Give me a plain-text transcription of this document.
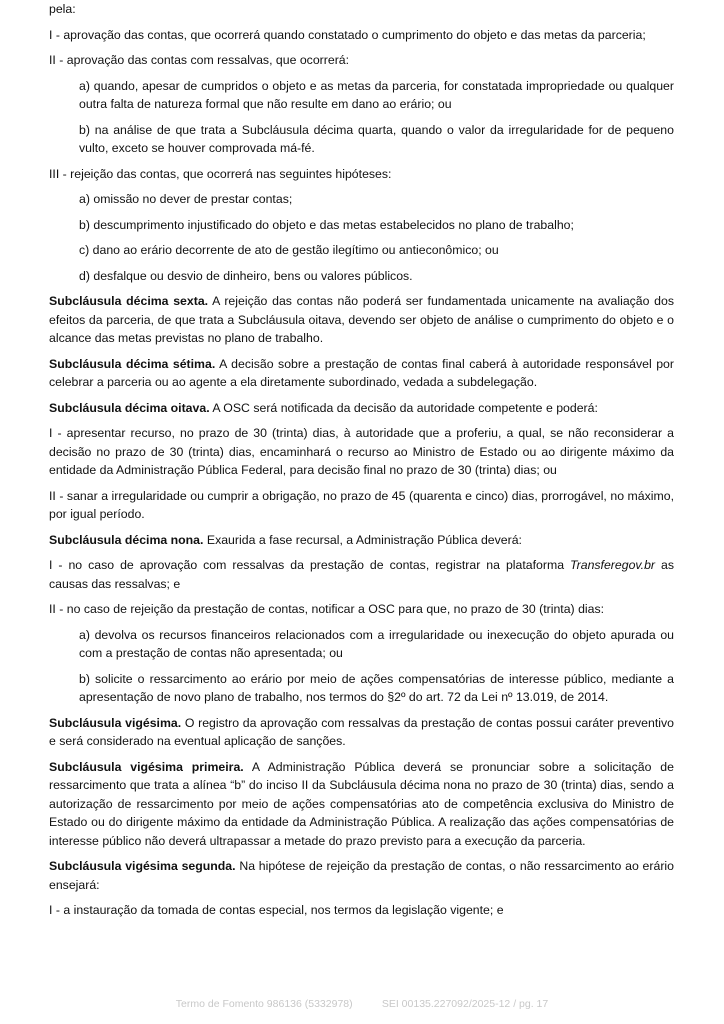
pela:

I - aprovação das contas, que ocorrerá quando constatado o cumprimento do objeto e das metas da parceria;

II - aprovação das contas com ressalvas, que ocorrerá:

a) quando, apesar de cumpridos o objeto e as metas da parceria, for constatada impropriedade ou qualquer outra falta de natureza formal que não resulte em dano ao erário; ou

b) na análise de que trata a Subcláusula décima quarta, quando o valor da irregularidade for de pequeno vulto, exceto se houver comprovada má-fé.

III - rejeição das contas, que ocorrerá nas seguintes hipóteses:

a) omissão no dever de prestar contas;

b) descumprimento injustificado do objeto e das metas estabelecidos no plano de trabalho;

c) dano ao erário decorrente de ato de gestão ilegítimo ou antieconômico; ou

d) desfalque ou desvio de dinheiro, bens ou valores públicos.

Subcláusula décima sexta. A rejeição das contas não poderá ser fundamentada unicamente na avaliação dos efeitos da parceria, de que trata a Subcláusula oitava, devendo ser objeto de análise o cumprimento do objeto e o alcance das metas previstas no plano de trabalho.

Subcláusula décima sétima. A decisão sobre a prestação de contas final caberá à autoridade responsável por celebrar a parceria ou ao agente a ela diretamente subordinado, vedada a subdelegação.

Subcláusula décima oitava. A OSC será notificada da decisão da autoridade competente e poderá:

I - apresentar recurso, no prazo de 30 (trinta) dias, à autoridade que a proferiu, a qual, se não reconsiderar a decisão no prazo de 30 (trinta) dias, encaminhará o recurso ao Ministro de Estado ou ao dirigente máximo da entidade da Administração Pública Federal, para decisão final no prazo de 30 (trinta) dias; ou

II - sanar a irregularidade ou cumprir a obrigação, no prazo de 45 (quarenta e cinco) dias, prorrogável, no máximo, por igual período.

Subcláusula décima nona. Exaurida a fase recursal, a Administração Pública deverá:

I - no caso de aprovação com ressalvas da prestação de contas, registrar na plataforma Transferegov.br as causas das ressalvas; e

II - no caso de rejeição da prestação de contas, notificar a OSC para que, no prazo de 30 (trinta) dias:

a) devolva os recursos financeiros relacionados com a irregularidade ou inexecução do objeto apurada ou com a prestação de contas não apresentada; ou

b) solicite o ressarcimento ao erário por meio de ações compensatórias de interesse público, mediante a apresentação de novo plano de trabalho, nos termos do §2º do art. 72 da Lei nº 13.019, de 2014.

Subcláusula vigésima. O registro da aprovação com ressalvas da prestação de contas possui caráter preventivo e será considerado na eventual aplicação de sanções.

Subcláusula vigésima primeira. A Administração Pública deverá se pronunciar sobre a solicitação de ressarcimento que trata a alínea “b” do inciso II da Subcláusula décima nona no prazo de 30 (trinta) dias, sendo a autorização de ressarcimento por meio de ações compensatórias ato de competência exclusiva do Ministro de Estado ou do dirigente máximo da entidade da Administração Pública. A realização das ações compensatórias de interesse público não deverá ultrapassar a metade do prazo previsto para a execução da parceria.

Subcláusula vigésima segunda. Na hipótese de rejeição da prestação de contas, o não ressarcimento ao erário ensejará:

I - a instauração da tomada de contas especial, nos termos da legislação vigente; e

Termo de Fomento 986136 (5332978)	SEI 00135.227092/2025-12 / pg. 17
